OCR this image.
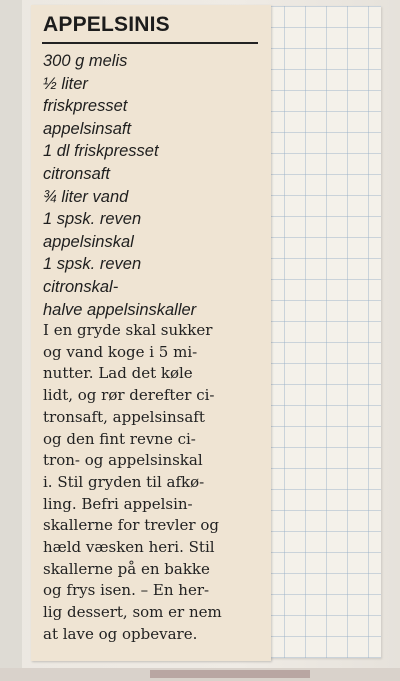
APPELSINIS
300 g melis
½ liter
friskpresset
appelsinsaft
1 dl friskpresset
citronsaft
¾ liter vand
1 spsk. reven
appelsinskal
1 spsk. reven
citronskal-
halve appelsinskaller
I en gryde skal sukker
og vand koge i 5 mi-
nutter. Lad det køle
lidt, og rør derefter ci-
tronsaft, appelsinsaft
og den fint revne ci-
tron- og appelsinskal
i. Stil gryden til afkø-
ling. Befri appelsin-
skallerne for trevler og
hæld væsken heri. Stil
skallerne på en bakke
og frys isen. – En her-
lig dessert, som er nem
at lave og opbevare.
